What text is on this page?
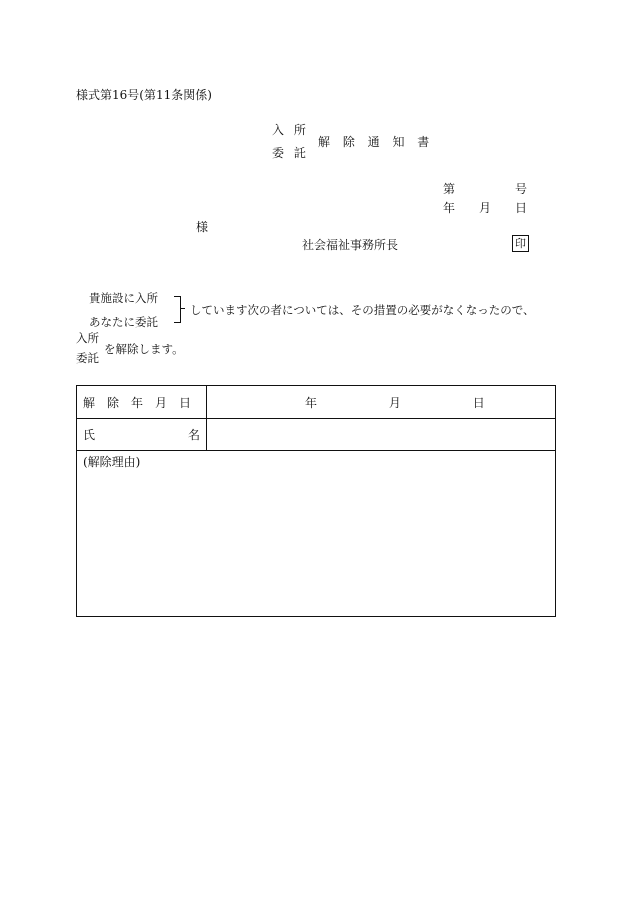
様式第16号(第11条関係)
入 所
委 託
解 除 通 知 書
第	号
年 月 日
様
社会福祉事務所長	印
貴施設に入所
あなたに委託
しています次の者については、その措置の必要がなくなったので、
入所
委託
を解除します。
解　除　年　月　日	年 月 日
氏 名	

(解除理由)	
